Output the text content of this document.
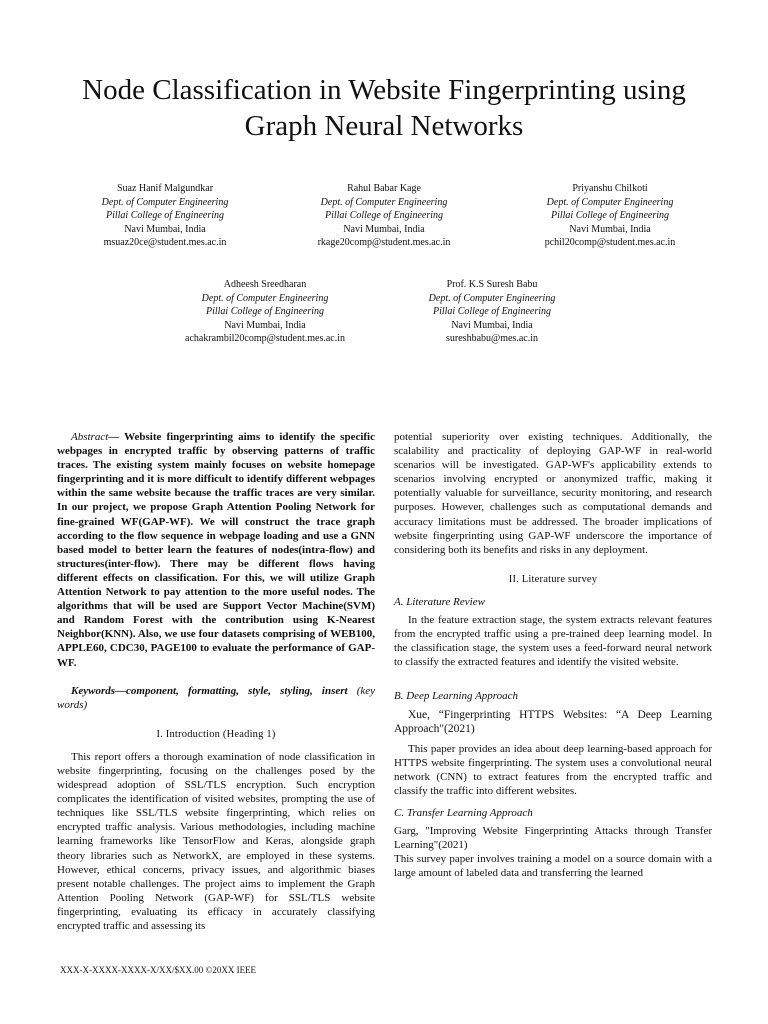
Node Classification in Website Fingerprinting using
Graph Neural Networks
Suaz Hanif Malgundkar
Dept. of Computer Engineering
Pillai College of Engineering
Navi Mumbai, India
msuaz20ce@student.mes.ac.in
Rahul Babar Kage
Dept. of Computer Engineering
Pillai College of Engineering
Navi Mumbai, India
rkage20comp@student.mes.ac.in
Priyanshu Chilkoti
Dept. of Computer Engineering
Pillai College of Engineering
Navi Mumbai, India
pchil20comp@student.mes.ac.in
Adheesh Sreedharan
Dept. of Computer Engineering
Pillai College of Engineering
Navi Mumbai, India
achakrambil20comp@student.mes.ac.in
Prof. K.S Suresh Babu
Dept. of Computer Engineering
Pillai College of Engineering
Navi Mumbai, India
sureshbabu@mes.ac.in

Abstract— Website fingerprinting aims to identify the specific webpages in encrypted traffic by observing patterns of traffic traces. The existing system mainly focuses on website homepage fingerprinting and it is more difficult to identify different webpages within the same website because the traffic traces are very similar. In our project, we propose Graph Attention Pooling Network for fine-grained WF(GAP-WF). We will construct the trace graph according to the flow sequence in webpage loading and use a GNN based model to better learn the features of nodes(intra-flow) and structures(inter-flow). There may be different flows having different effects on classification. For this, we will utilize Graph Attention Network to pay attention to the more useful nodes. The algorithms that will be used are Support Vector Machine(SVM) and Random Forest with the contribution using K-Nearest Neighbor(KNN). Also, we use four datasets comprising of WEB100, APPLE60, CDC30, PAGE100 to evaluate the performance of GAP-WF.

Keywords—component, formatting, style, styling, insert (key words)

I. Introduction (Heading 1)

This report offers a thorough examination of node classification in website fingerprinting, focusing on the challenges posed by the widespread adoption of SSL/TLS encryption. Such encryption complicates the identification of visited websites, prompting the use of techniques like SSL/TLS website fingerprinting, which relies on encrypted traffic analysis. Various methodologies, including machine learning frameworks like TensorFlow and Keras, alongside graph theory libraries such as NetworkX, are employed in these systems. However, ethical concerns, privacy issues, and algorithmic biases present notable challenges. The project aims to implement the Graph Attention Pooling Network (GAP-WF) for SSL/TLS website fingerprinting, evaluating its efficacy in accurately classifying encrypted traffic and assessing its

potential superiority over existing techniques. Additionally, the scalability and practicality of deploying GAP-WF in real-world scenarios will be investigated. GAP-WF's applicability extends to scenarios involving encrypted or anonymized traffic, making it potentially valuable for surveillance, security monitoring, and research purposes. However, challenges such as computational demands and accuracy limitations must be addressed. The broader implications of website fingerprinting using GAP-WF underscore the importance of considering both its benefits and risks in any deployment.

II. Literature survey

A. Literature Review

In the feature extraction stage, the system extracts relevant features from the encrypted traffic using a pre-trained deep learning model. In the classification stage, the system uses a feed-forward neural network to classify the extracted features and identify the visited website.

B. Deep Learning Approach

Xue, “Fingerprinting HTTPS Websites: “A Deep Learning Approach"(2021)

This paper provides an idea about deep learning-based approach for HTTPS website fingerprinting. The system uses a convolutional neural network (CNN) to extract features from the encrypted traffic and classify the traffic into different websites.

C. Transfer Learning Approach

Garg, "Improving Website Fingerprinting Attacks through Transfer Learning"(2021)

This survey paper involves training a model on a source domain with a large amount of labeled data and transferring the learned

XXX-X-XXXX-XXXX-X/XX/$XX.00 ©20XX IEEE
